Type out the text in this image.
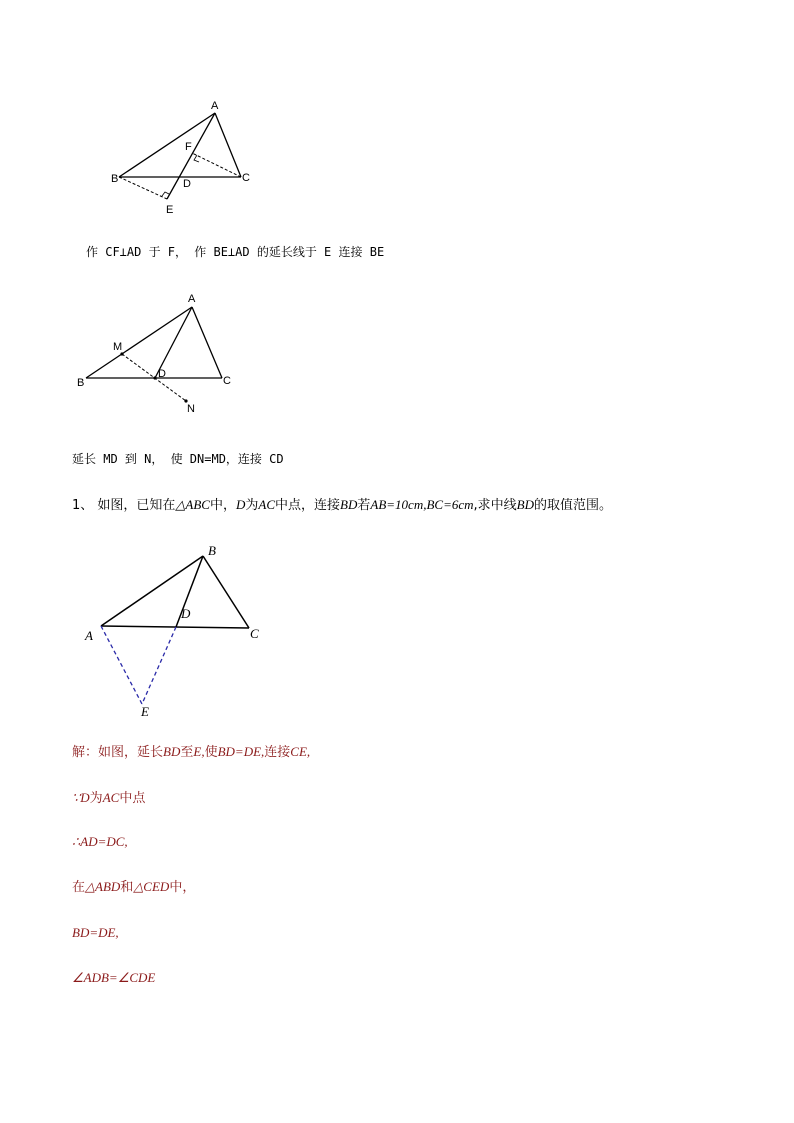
A
F
B	D	C
E
作 CF⊥AD 于 F， 作 BE⊥AD 的延长线于 E 连接 BE
A
M
B
D
C
N
延长 MD 到 N， 使 DN=MD，连接 CD
1、 如图，已知在△ABC中，D为AC中点，连接BD若AB=10cm,BC=6cm,求中线BD的取值范围。
B
D
A	C
E
解：如图，延长BD至E,使BD=DE,连接CE,
∵D为AC中点
∴AD=DC,
在△ABD和△CED中，
BD=DE,
∠ADB=∠CDE
